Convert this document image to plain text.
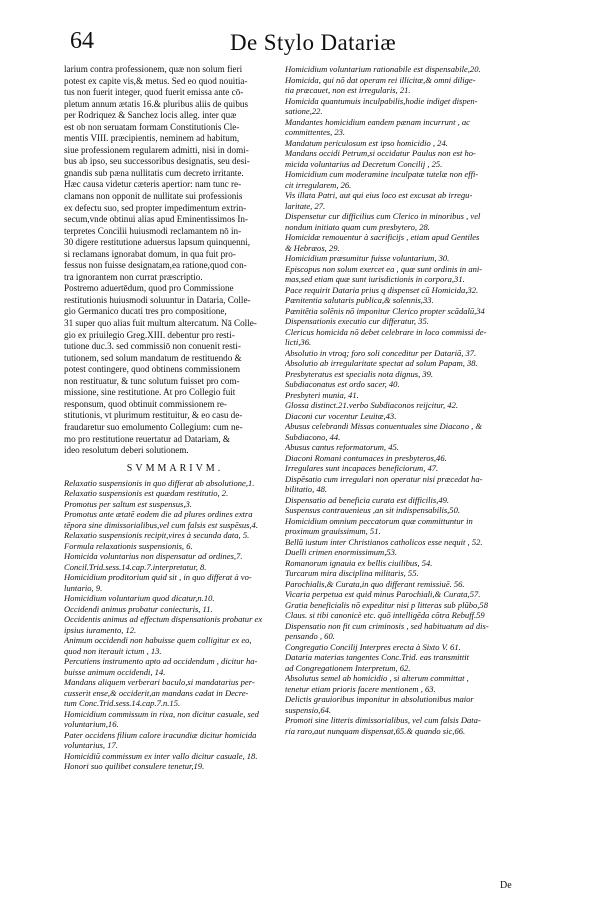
64	De Stylo Datariæ
larium contra professionem, quæ non solum fieri
potest ex capite vis,& metus. Sed eo quod nouitia-
tus non fuerit integer, quod fuerit emissa ante cō-
pletum annum ætatis 16.& pluribus aliis de quibus
per Rodriquez & Sanchez locis alleg. inter quæ
est ob non seruatam formam Constitutionis Cle-
mentis VIII. præcipientis, neminem ad habitum,
siue professionem regularem admitti, nisi in domi-
bus ab ipso, seu successoribus designatis, seu desi-
gnandis sub pæna nullitatis cum decreto irritante.
Hæc causa videtur cæteris apertior: nam tunc re-
clamans non opponit de nullitate sui professionis
ex defectu suo, sed propter impedimentum extrin-
secum,vnde obtinui alias apud Eminentissimos In-
terpretes Concilii huiusmodi reclamantem nō in-
30 digere restitutione aduersus lapsum quinquenni,
si reclamans ignorabat domum, in qua fuit pro-
fessus non fuisse designatam,ea ratione,quod con-
tra ignorantem non currat præscriptio.
Postremo aduertēdum, quod pro Commissione
restitutionis huiusmodi soluuntur in Dataria, Colle-
gio Germanico ducati tres pro compositione,
31 super quo alias fuit multum altercatum. Nā Colle-
gio ex priuilegio Greg.XIII. debentur pro resti-
tutione duc.3. sed commissiō non conuenit resti-
tutionem, sed solum mandatum de restituendo &
potest contingere, quod obtinens commissionem
non restituatur, & tunc solutum fuisset pro com-
missione, sine restitutione. At pro Collegio fuit
responsum, quod obtinuit commissionem re-
stitutionis, vt plurimum restituitur, & eo casu de-
fraudaretur suo emolumento Collegium: cum ne-
mo pro restitutione reuertatur ad Datariam, &
ideo resolutum deberi solutionem.
SVMMARIVM.
Relaxatio suspensionis in quo differat ab absolutione,1.
Relaxatio suspensionis est quædam restitutio, 2.
Promotus per saltum est suspensus,3.
Promotus ante ætatē eodem die ad plures ordines extra
tēpora sine dimissorialibus,vel cum falsis est suspēsus,4.
Relaxatio suspensionis recipit,vires à secunda data, 5.
Formula relaxationis suspensionis, 6.
Homicida voluntarius non dispensatur ad ordines,7.
Concil.Trid.sess.14.cap.7.interpretatur, 8.
Homicidium proditorium quid sit , in quo differat à vo-
luntario, 9.
Homicidium voluntarium quod dicatur,n.10.
Occidendi animus probatur coniecturis, 11.
Occidentis animus ad effectum dispensationis probatur ex
ipsius iuramento, 12.
Animum occidendi non habuisse quem colligitur ex eo,
quod non iterauit ictum , 13.
Percutiens instrumento apto ad occidendum , dicitur ha-
buisse animum occidendi, 14.
Mandans aliquem verberari baculo,si mandatarius per-
cusserit ense,& occiderit,an mandans cadat in Decre-
tum Conc.Trid.sess.14.cap.7.n.15.
Homicidium commissum in rixa, non dicitur casuale, sed
voluntarium,16.
Pater occidens filium calore iracundiæ dicitur homicida
voluntarius, 17.
Homicidiū commissum ex inter vallo dicitur casuale, 18.
Honori suo quilibet consulere tenetur,19.
Homicidium voluntarium rationabile est dispensabile,20.
Homicida, qui nō dat operam rei illicitæ,& omni dilige-
tia præcauet, non est irregularis, 21.
Homicida quantumuis inculpabilis,hodie indiget dispen-
satione,22.
Mandantes homicidium eandem pænam incurrunt , ac
committentes, 23.
Mandatum periculosum est ipso homicidio , 24.
Mandans occidi Petrum,si occidatur Paulus non est ho-
micida voluntarius ad Decretum Concilij , 25.
Homicidium cum moderamine inculpatæ tutelæ non effi-
cit irregularem, 26.
Vis illata Patri, aut qui eius loco est excusat ab irregu-
laritate, 27.
Dispensetur cur difficilius cum Clerico in minoribus , vel
nondum initiato quam cum presbytero, 28.
Homicidæ remouentur à sacrificijs , etiam apud Gentiles
& Hebræos, 29.
Homicidium præsumitur fuisse voluntarium, 30.
Episcopus non solum exercet ea , quæ sunt ordinis in ani-
mas,sed etiam quæ sunt iurisdictionis in corpora,31.
Pace requirit Dataria prius q dispenset cū Homicida,32.
Pænitentia salutaris publica,& solennis,33.
Pænitētia solēnis nō imponitur Clerico propter scādalū,34
Dispensationis executio cur differatur, 35.
Clericus homicida nō debet celebrare in loco commissi de-
licti,36.
Absolutio in vtroq; foro soli conceditur per Datariā, 37.
Absolutio ab irregularitate spectat ad solum Papam, 38.
Presbyteratus est specialis nota dignus, 39.
Subdiaconatus est ordo sacer, 40.
Presbyteri munia, 41.
Glossa distinct.21.verbo Subdiaconos reijcitur, 42.
Diaconi cur vocentur Leuitæ,43.
Abusus celebrandi Missas conuentuales sine Diacono , &
Subdiacono, 44.
Abusus cantus reformatorum, 45.
Diaconi Romani contumaces in presbyteros,46.
Irregulares sunt incapaces beneficiorum, 47.
Dispēsatio cum irregulari non operatur nisi præcedat ha-
bilitatio, 48.
Dispensatio ad beneficia curata est difficilis,49.
Suspensus contrauenieus ,an sit indispensabilis,50.
Homicidium omnium peccatorum quæ committuntur in
proximum grauissimum, 51.
Bellū iustum inter Christianos catholicos esse nequit , 52.
Duelli crimen enormissimum,53.
Romanorum ignauia ex bellis ciuilibus, 54.
Turcarum mira disciplina militaris, 55.
Parochialis,& Curata,in quo differant remissiuē. 56.
Vicaria perpetua est quid minus Parochiali,& Curata,57.
Gratia beneficialis nō expeditur nisi p litteras sub plūbo,58
Claus. si tibi canonicè etc. quō intelligēda cōtra Rebuff.59
Dispensatio non fit cum criminosis , sed habituatum ad dis-
pensando , 60.
Congregatio Concilij Interpres erecta à Sixto V. 61.
Dataria materias tangentes Conc.Trid. eas transmittit
ad Congregationem Interpretum, 62.
Absolutus semel ab homicidio , si alterum committat ,
tenetur etiam prioris facere mentionem , 63.
Delictis grauioribus imponitur in absolutionibus maior
suspensio,64.
Promoti sine litteris dimissorialibus, vel cum falsis Data-
ria raro,aut nunquam dispensat,65.& quando sic,66.
De
